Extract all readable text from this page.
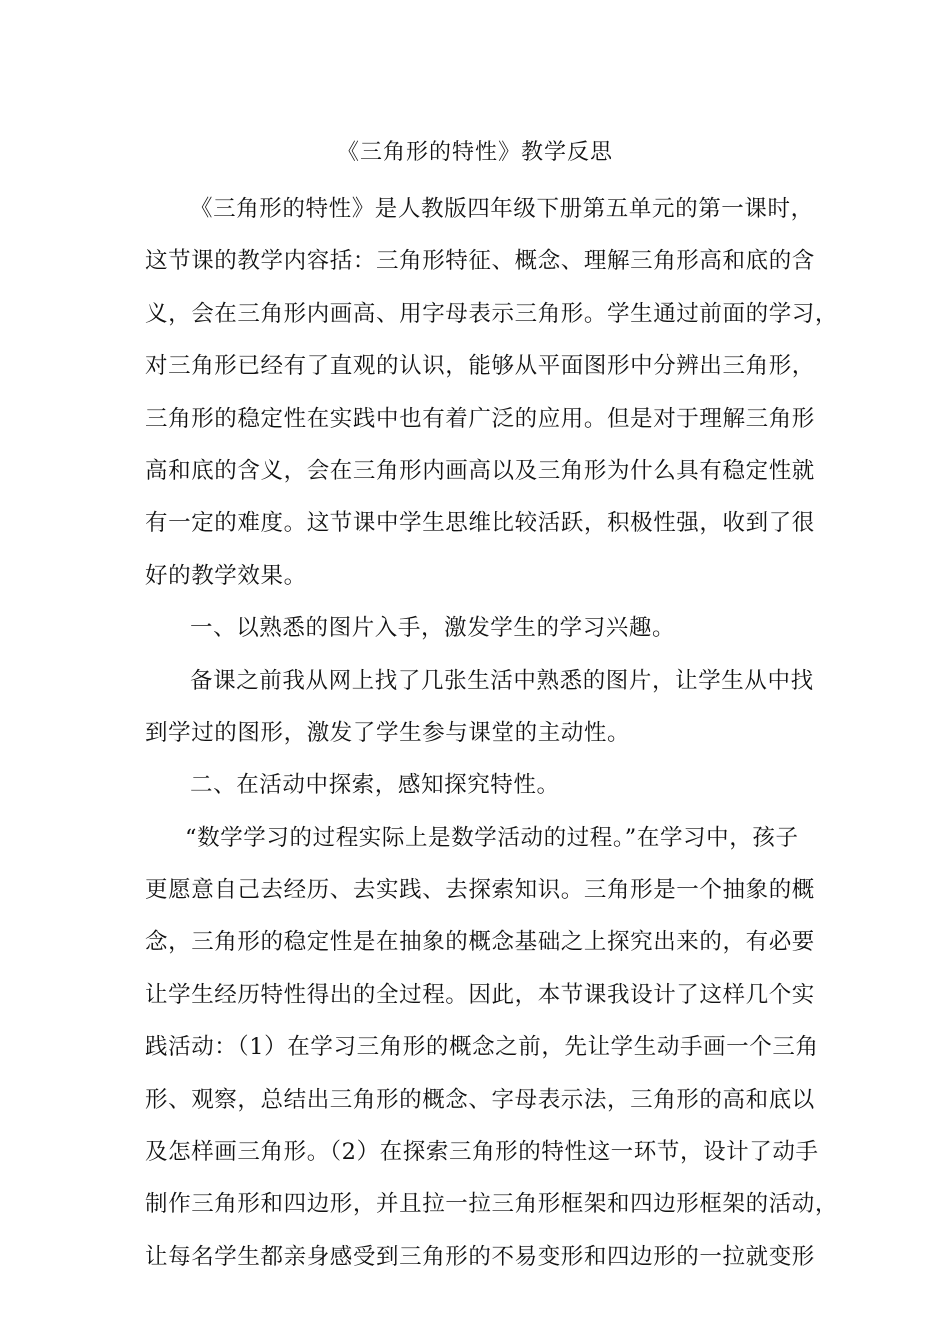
《三角形的特性》教学反思
《三角形的特性》是人教版四年级下册第五单元的第一课时，
这节课的教学内容括：三角形特征、概念、理解三角形高和底的含
义，会在三角形内画高、用字母表示三角形。学生通过前面的学习，
对三角形已经有了直观的认识，能够从平面图形中分辨出三角形，
三角形的稳定性在实践中也有着广泛的应用。但是对于理解三角形
高和底的含义，会在三角形内画高以及三角形为什么具有稳定性就
有一定的难度。这节课中学生思维比较活跃，积极性强，收到了很
好的教学效果。
一、以熟悉的图片入手，激发学生的学习兴趣。
备课之前我从网上找了几张生活中熟悉的图片，让学生从中找
到学过的图形，激发了学生参与课堂的主动性。
二、在活动中探索，感知探究特性。
“数学学习的过程实际上是数学活动的过程。”在学习中，孩子
更愿意自己去经历、去实践、去探索知识。三角形是一个抽象的概
念，三角形的稳定性是在抽象的概念基础之上探究出来的，有必要
让学生经历特性得出的全过程。因此，本节课我设计了这样几个实
践活动：（1）在学习三角形的概念之前，先让学生动手画一个三角
形、观察，总结出三角形的概念、字母表示法，三角形的高和底以
及怎样画三角形。（2）在探索三角形的特性这一环节，设计了动手
制作三角形和四边形，并且拉一拉三角形框架和四边形框架的活动，
让每名学生都亲身感受到三角形的不易变形和四边形的一拉就变形
